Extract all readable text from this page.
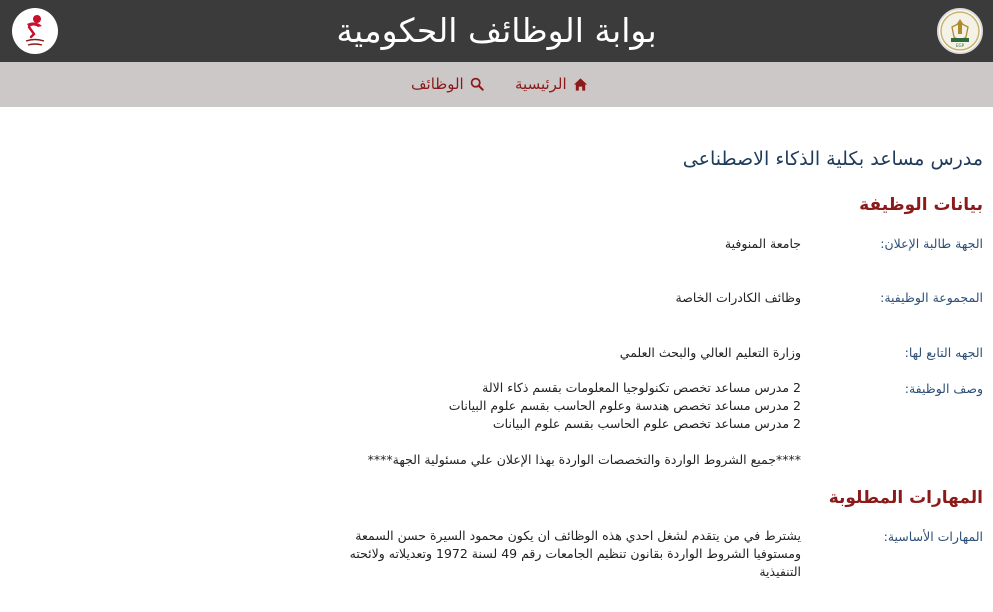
EGP
بوابة الوظائف الحكومية
الرئيسية
الوظائف
مدرس مساعد بكلية الذكاء الاصطناعى
بيانات الوظيفة
الجهة طالبة الإعلان:
جامعة المنوفية
المجموعة الوظيفية:
وظائف الكادرات الخاصة
الجهه التابع لها:
وزارة التعليم العالي والبحث العلمي
وصف الوظيفة:
2 مدرس مساعد تخصص تكنولوجيا المعلومات بقسم ذكاء الالة
2 مدرس مساعد تخصص هندسة وعلوم الحاسب بقسم علوم البيانات
2 مدرس مساعد تخصص علوم الحاسب بقسم علوم البيانات
****جميع الشروط الواردة والتخصصات الواردة بهذا الإعلان علي مسئولية الجهة****
المهارات المطلوبة
المهارات الأساسية:
يشترط في من يتقدم لشغل احدي هذه الوظائف ان يكون محمود السيرة حسن السمعة ومستوفيا الشروط الواردة بقانون تنظيم الجامعات رقم 49 لسنة 1972 وتعديلاته ولائحته التنفيذية
